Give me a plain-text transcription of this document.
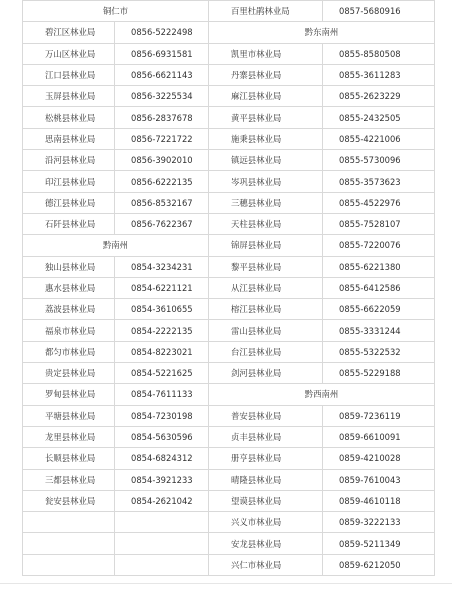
铜仁市		百里杜鹃林业局	0857-5680916
碧江区林业局	0856-5222498	黔东南州	
万山区林业局	0856-6931581	凯里市林业局	0855-8580508
江口县林业局	0856-6621143	丹寨县林业局	0855-3611283
玉屏县林业局	0856-3225534	麻江县林业局	0855-2623229
松桃县林业局	0856-2837678	黄平县林业局	0855-2432505
思南县林业局	0856-7221722	施秉县林业局	0855-4221006
沿河县林业局	0856-3902010	镇远县林业局	0855-5730096
印江县林业局	0856-6222135	岑巩县林业局	0855-3573623
德江县林业局	0856-8532167	三穗县林业局	0855-4522976
石阡县林业局	0856-7622367	天柱县林业局	0855-7528107
黔南州		锦屏县林业局	0855-7220076
独山县林业局	0854-3234231	黎平县林业局	0855-6221380
惠水县林业局	0854-6221121	从江县林业局	0855-6412586
荔波县林业局	0854-3610655	榕江县林业局	0855-6622059
福泉市林业局	0854-2222135	雷山县林业局	0855-3331244
都匀市林业局	0854-8223021	台江县林业局	0855-5322532
贵定县林业局	0854-5221625	剑河县林业局	0855-5229188
罗甸县林业局	0854-7611133	黔西南州	
平塘县林业局	0854-7230198	普安县林业局	0859-7236119
龙里县林业局	0854-5630596	贞丰县林业局	0859-6610091
长顺县林业局	0854-6824312	册亨县林业局	0859-4210028
三都县林业局	0854-3921233	晴隆县林业局	0859-7610043
瓮安县林业局	0854-2621042	望谟县林业局	0859-4610118
		兴义市林业局	0859-3222133
		安龙县林业局	0859-5211349
		兴仁市林业局	0859-6212050
